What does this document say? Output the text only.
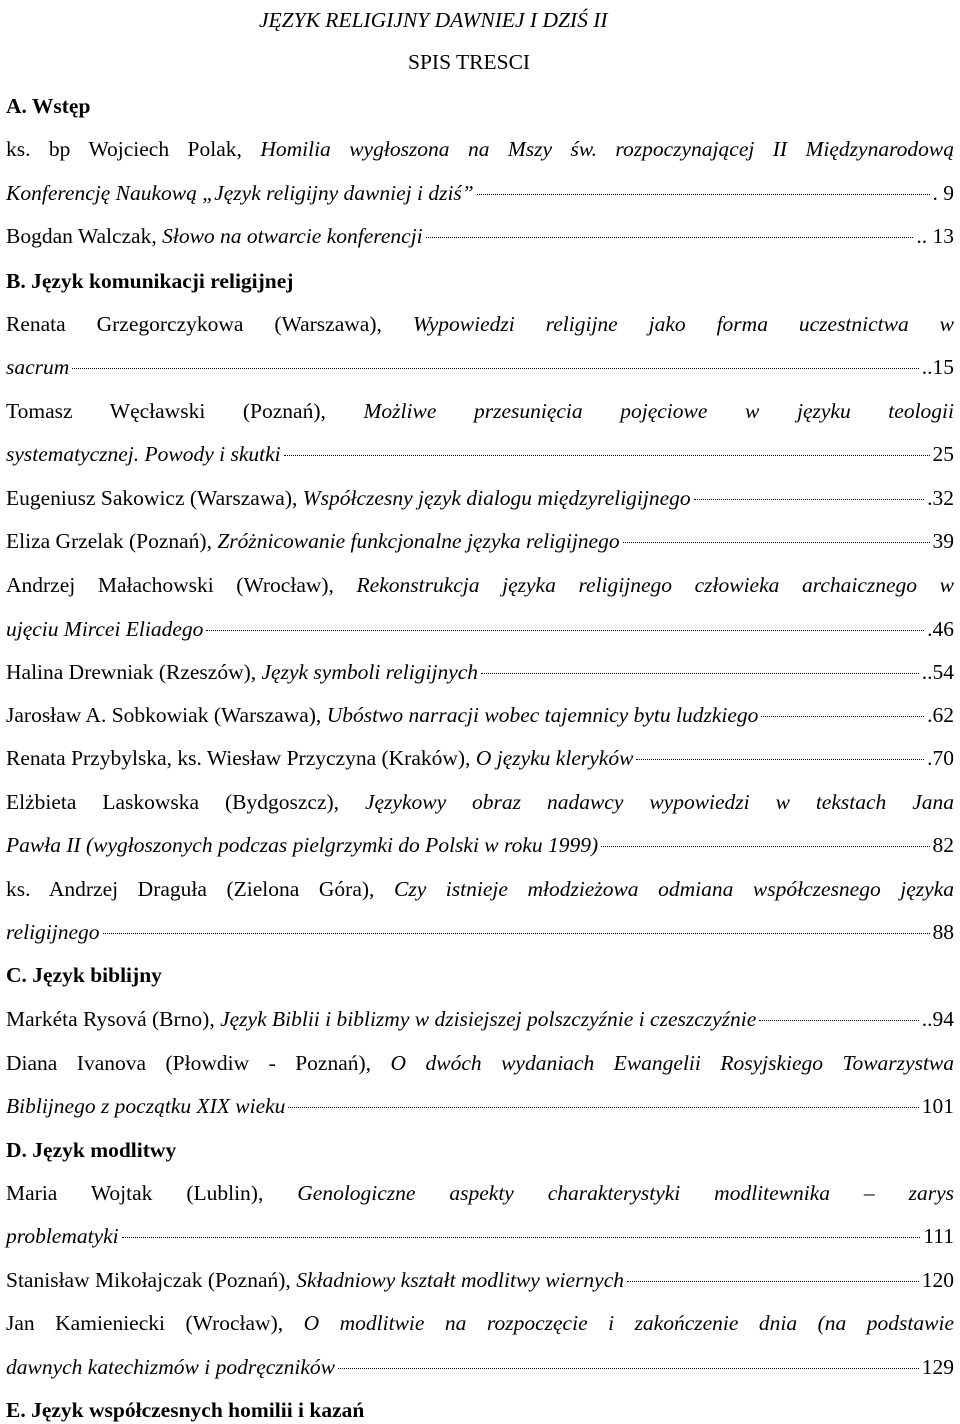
JĘZYK RELIGIJNY DAWNIEJ I DZIŚ II
SPIS TRESCI
A. Wstęp
ks. bp Wojciech Polak, Homilia wygłoszona na Mszy św. rozpoczynającej II Międzynarodową
Konferencję Naukową „Język religijny dawniej i dziś”	. 9
Bogdan Walczak,
Słowo na otwarcie konferencji	.. 13
B. Język komunikacji religijnej
Renata Grzegorczykowa (Warszawa), Wypowiedzi religijne jako forma uczestnictwa w
sacrum	..15
Tomasz Węcławski (Poznań), Możliwe przesunięcia pojęciowe w języku teologii
systematycznej. Powody i skutki	25
Eugeniusz Sakowicz (Warszawa),
Współczesny język dialogu międzyreligijnego	.32
Eliza Grzelak (Poznań),
Zróżnicowanie funkcjonalne języka religijnego	39
Andrzej Małachowski (Wrocław), Rekonstrukcja języka religijnego człowieka archaicznego w
ujęciu Mircei Eliadego	.46
Halina Drewniak (Rzeszów),
Język symboli religijnych	..54
Jarosław A. Sobkowiak (Warszawa),
Ubóstwo narracji wobec tajemnicy bytu ludzkiego	.62
Renata Przybylska, ks. Wiesław Przyczyna (Kraków),
O języku kleryków	.70
Elżbieta Laskowska (Bydgoszcz), Językowy obraz nadawcy wypowiedzi w tekstach Jana
Pawła II (wygłoszonych podczas pielgrzymki do Polski w roku 1999)	82
ks. Andrzej Draguła (Zielona Góra), Czy istnieje młodzieżowa odmiana współczesnego języka
religijnego	88
C. Język biblijny
Markéta Rysová (Brno),
Język Biblii i biblizmy w dzisiejszej polszczyźnie i czeszczyźnie	..94
Diana Ivanova (Płowdiw - Poznań), O dwóch wydaniach Ewangelii Rosyjskiego Towarzystwa
Biblijnego z początku XIX wieku	101
D. Język modlitwy
Maria Wojtak (Lublin), Genologiczne aspekty charakterystyki modlitewnika – zarys
problematyki	111
Stanisław Mikołajczak (Poznań),
Składniowy kształt modlitwy wiernych	120
Jan Kamieniecki (Wrocław), O modlitwie na rozpoczęcie i zakończenie dnia (na podstawie
dawnych katechizmów i podręczników	129
E. Język współczesnych homilii i kazań
